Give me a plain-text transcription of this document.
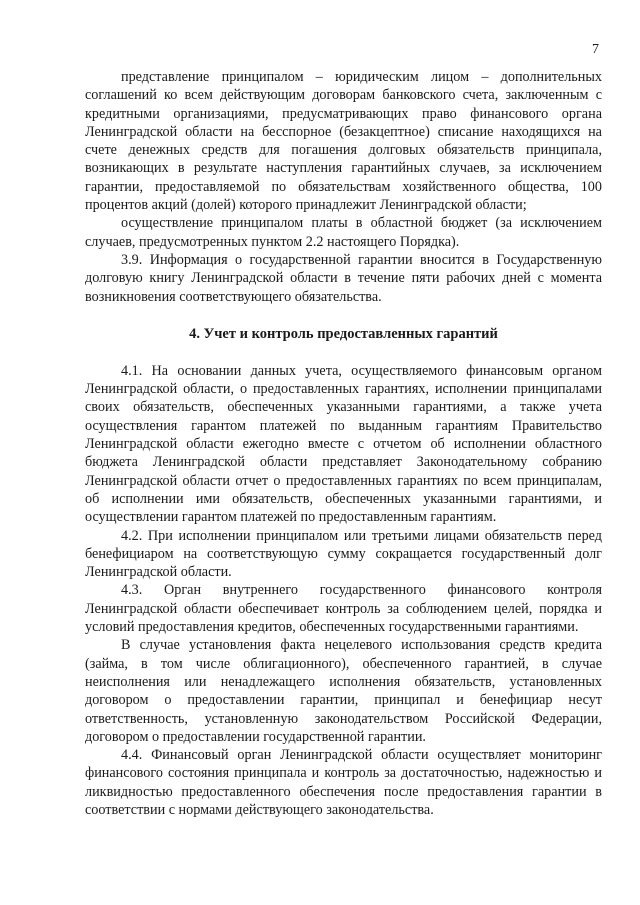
7

представление принципалом – юридическим лицом – дополнительных соглашений ко всем действующим договорам банковского счета, заключенным с кредитными организациями, предусматривающих право финансового органа Ленинградской области на бесспорное (безакцептное) списание находящихся на счете денежных средств для погашения долговых обязательств принципала, возникающих в результате наступления гарантийных случаев, за исключением гарантии, предоставляемой по обязательствам хозяйственного общества, 100 процентов акций (долей) которого принадлежит Ленинградской области;

осуществление принципалом платы в областной бюджет (за исключением случаев, предусмотренных пунктом 2.2 настоящего Порядка).

3.9. Информация о государственной гарантии вносится в Государственную долговую книгу Ленинградской области в течение пяти рабочих дней с момента возникновения соответствующего обязательства.

4. Учет и контроль предоставленных гарантий

4.1. На основании данных учета, осуществляемого финансовым органом Ленинградской области, о предоставленных гарантиях, исполнении принципалами своих обязательств, обеспеченных указанными гарантиями, а также учета осуществления гарантом платежей по выданным гарантиям Правительство Ленинградской области ежегодно вместе с отчетом об исполнении областного бюджета Ленинградской области представляет Законодательному собранию Ленинградской области отчет о предоставленных гарантиях по всем принципалам, об исполнении ими обязательств, обеспеченных указанными гарантиями, и осуществлении гарантом платежей по предоставленным гарантиям.

4.2. При исполнении принципалом или третьими лицами обязательств перед бенефициаром на соответствующую сумму сокращается государственный долг Ленинградской области.

4.3. Орган внутреннего государственного финансового контроля Ленинградской области обеспечивает контроль за соблюдением целей, порядка и условий предоставления кредитов, обеспеченных государственными гарантиями.

В случае установления факта нецелевого использования средств кредита (займа, в том числе облигационного), обеспеченного гарантией, в случае неисполнения или ненадлежащего исполнения обязательств, установленных договором о предоставлении гарантии, принципал и бенефициар несут ответственность, установленную законодательством Российской Федерации, договором о предоставлении государственной гарантии.

4.4. Финансовый орган Ленинградской области осуществляет мониторинг финансового состояния принципала и контроль за достаточностью, надежностью и ликвидностью предоставленного обеспечения после предоставления гарантии в соответствии с нормами действующего законодательства.
